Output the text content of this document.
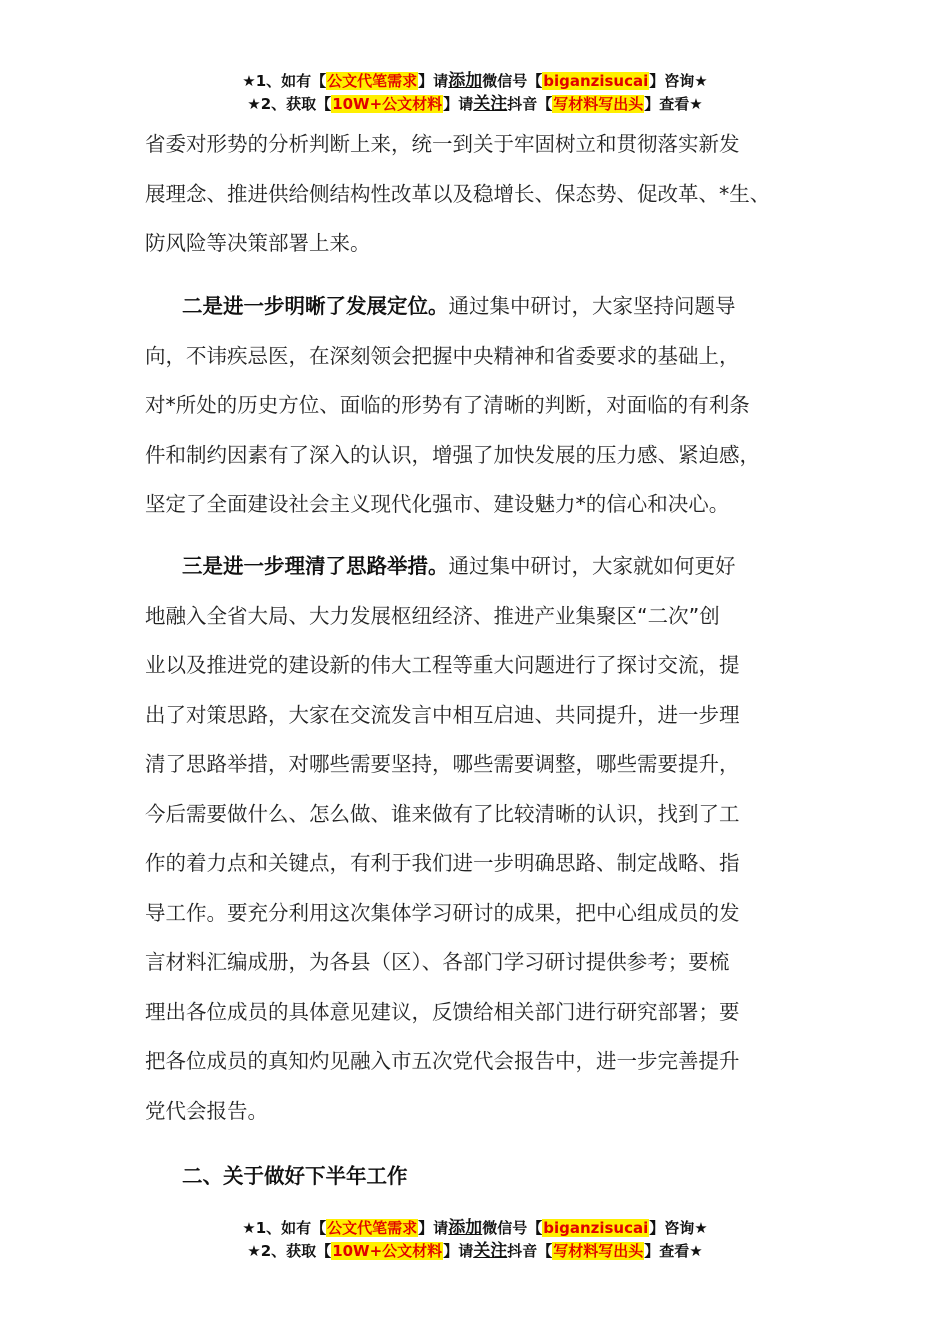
★1、如有【公文代笔需求】请添加微信号【biganzisucai】咨询★
★2、获取【10W+公文材料】请关注抖音【写材料写出头】查看★

省委对形势的分析判断上来，统一到关于牢固树立和贯彻落实新发
展理念、推进供给侧结构性改革以及稳增长、保态势、促改革、*生、
防风险等决策部署上来。

二是进一步明晰了发展定位。通过集中研讨，大家坚持问题导
向，不讳疾忌医，在深刻领会把握中央精神和省委要求的基础上，
对*所处的历史方位、面临的形势有了清晰的判断，对面临的有利条
件和制约因素有了深入的认识，增强了加快发展的压力感、紧迫感，
坚定了全面建设社会主义现代化强市、建设魅力*的信心和决心。

三是进一步理清了思路举措。通过集中研讨，大家就如何更好
地融入全省大局、大力发展枢纽经济、推进产业集聚区“二次”创
业以及推进党的建设新的伟大工程等重大问题进行了探讨交流，提
出了对策思路，大家在交流发言中相互启迪、共同提升，进一步理
清了思路举措，对哪些需要坚持，哪些需要调整，哪些需要提升，
今后需要做什么、怎么做、谁来做有了比较清晰的认识，找到了工
作的着力点和关键点，有利于我们进一步明确思路、制定战略、指
导工作。要充分利用这次集体学习研讨的成果，把中心组成员的发
言材料汇编成册，为各县（区）、各部门学习研讨提供参考；要梳
理出各位成员的具体意见建议，反馈给相关部门进行研究部署；要
把各位成员的真知灼见融入市五次党代会报告中，进一步完善提升
党代会报告。

二、关于做好下半年工作

★1、如有【公文代笔需求】请添加微信号【biganzisucai】咨询★
★2、获取【10W+公文材料】请关注抖音【写材料写出头】查看★
